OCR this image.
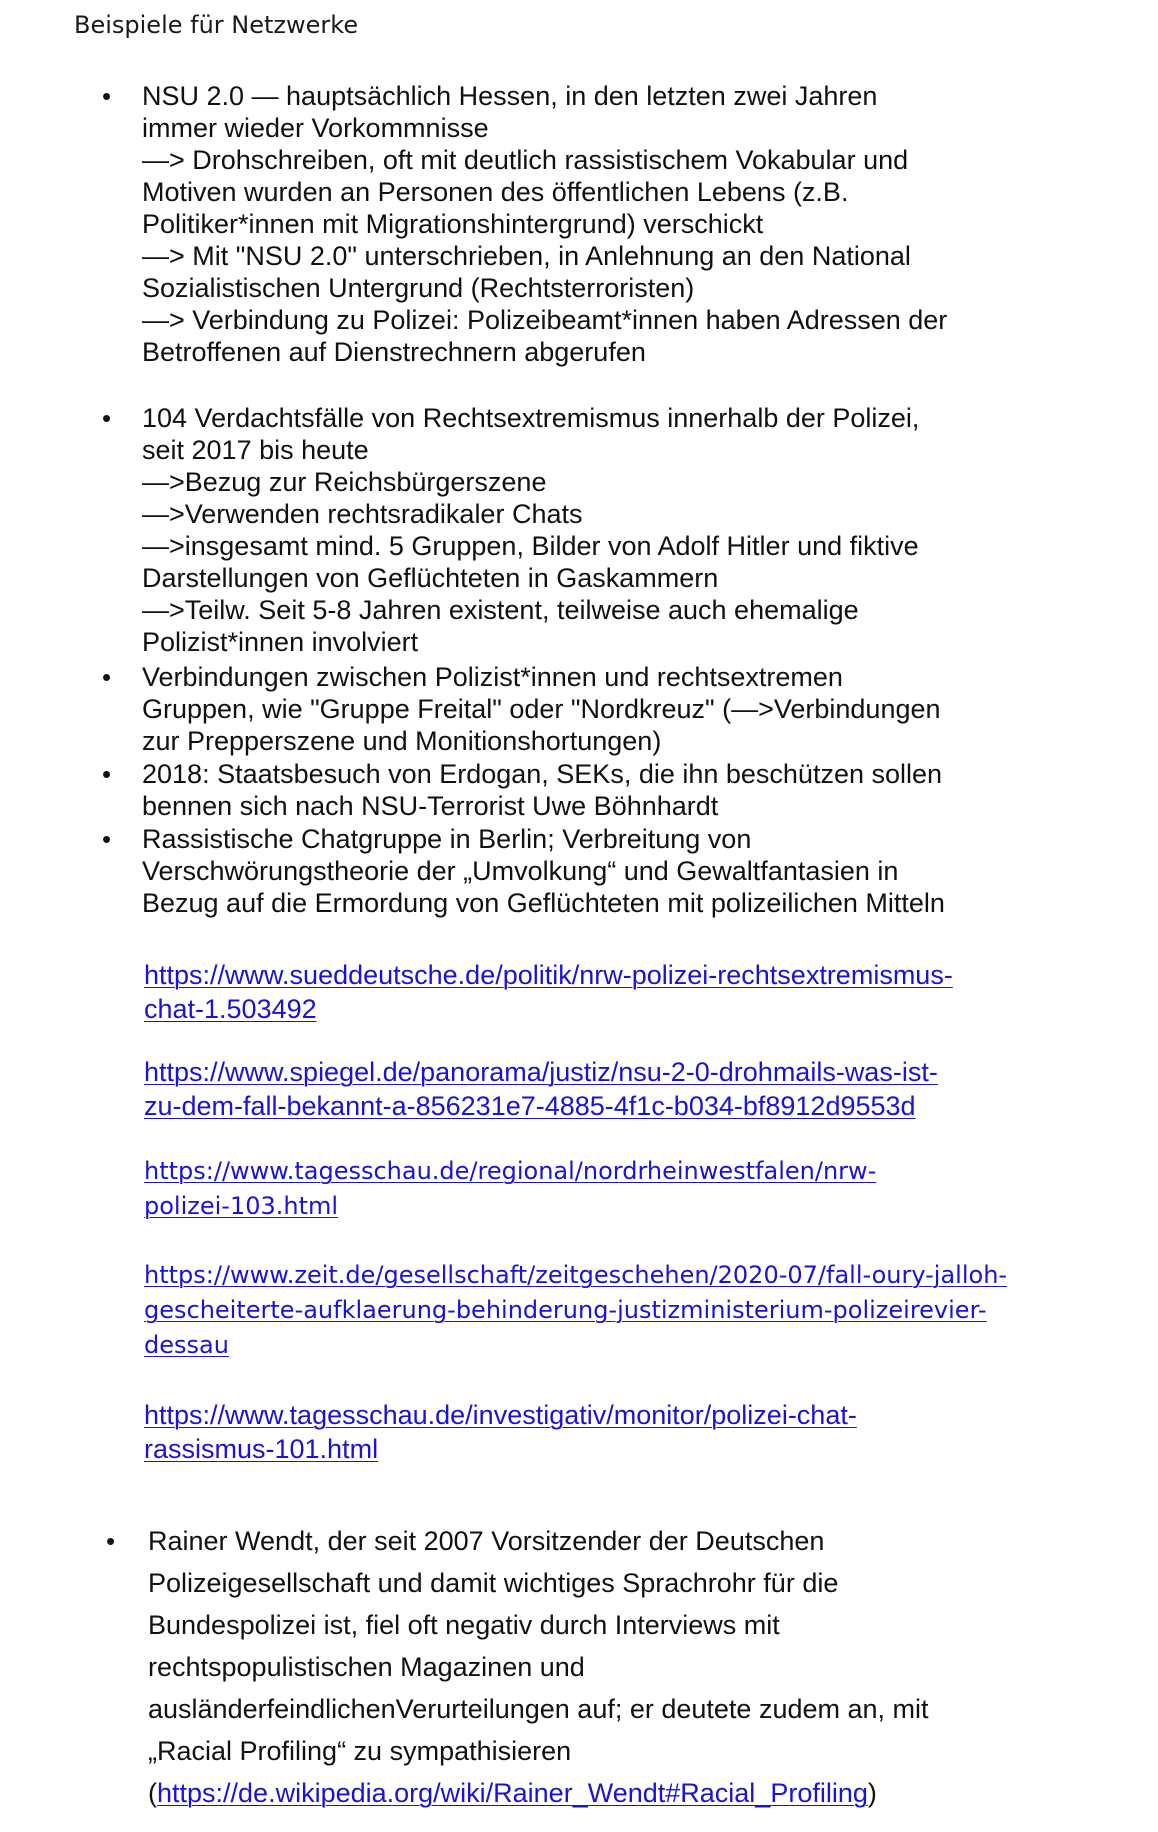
Beispiele für Netzwerke

• NSU 2.0 — hauptsächlich Hessen, in den letzten zwei Jahren
immer wieder Vorkommnisse
—> Drohschreiben, oft mit deutlich rassistischem Vokabular und
Motiven wurden an Personen des öffentlichen Lebens (z.B.
Politiker*innen mit Migrationshintergrund) verschickt
—> Mit "NSU 2.0" unterschrieben, in Anlehnung an den National
Sozialistischen Untergrund (Rechtsterroristen)
—> Verbindung zu Polizei: Polizeibeamt*innen haben Adressen der
Betroffenen auf Dienstrechnern abgerufen

• 104 Verdachtsfälle von Rechtsextremismus innerhalb der Polizei,
seit 2017 bis heute
—>Bezug zur Reichsbürgerszene
—>Verwenden rechtsradikaler Chats
—>insgesamt mind. 5 Gruppen, Bilder von Adolf Hitler und fiktive
Darstellungen von Geflüchteten in Gaskammern
—>Teilw. Seit 5-8 Jahren existent, teilweise auch ehemalige
Polizist*innen involviert

• Verbindungen zwischen Polizist*innen und rechtsextremen
Gruppen, wie "Gruppe Freital" oder "Nordkreuz" (—>Verbindungen
zur Prepperszene und Monitionshortungen)

• 2018: Staatsbesuch von Erdogan, SEKs, die ihn beschützen sollen
bennen sich nach NSU-Terrorist Uwe Böhnhardt

• Rassistische Chatgruppe in Berlin; Verbreitung von
Verschwörungstheorie der „Umvolkung“ und Gewaltfantasien in
Bezug auf die Ermordung von Geflüchteten mit polizeilichen Mitteln

https://www.sueddeutsche.de/politik/nrw-polizei-rechtsextremismus-
chat-1.503492

https://www.spiegel.de/panorama/justiz/nsu-2-0-drohmails-was-ist-
zu-dem-fall-bekannt-a-856231e7-4885-4f1c-b034-bf8912d9553d

https://www.tagesschau.de/regional/nordrheinwestfalen/nrw-
polizei-103.html

https://www.zeit.de/gesellschaft/zeitgeschehen/2020-07/fall-oury-jalloh-
gescheiterte-aufklaerung-behinderung-justizministerium-polizeirevier-
dessau

https://www.tagesschau.de/investigativ/monitor/polizei-chat-
rassismus-101.html

• Rainer Wendt, der seit 2007 Vorsitzender der Deutschen
Polizeigesellschaft und damit wichtiges Sprachrohr für die
Bundespolizei ist, fiel oft negativ durch Interviews mit
rechtspopulistischen Magazinen und
ausländerfeindlichenVerurteilungen auf; er deutete zudem an, mit
„Racial Profiling“ zu sympathisieren
(https://de.wikipedia.org/wiki/Rainer_Wendt#Racial_Profiling)
